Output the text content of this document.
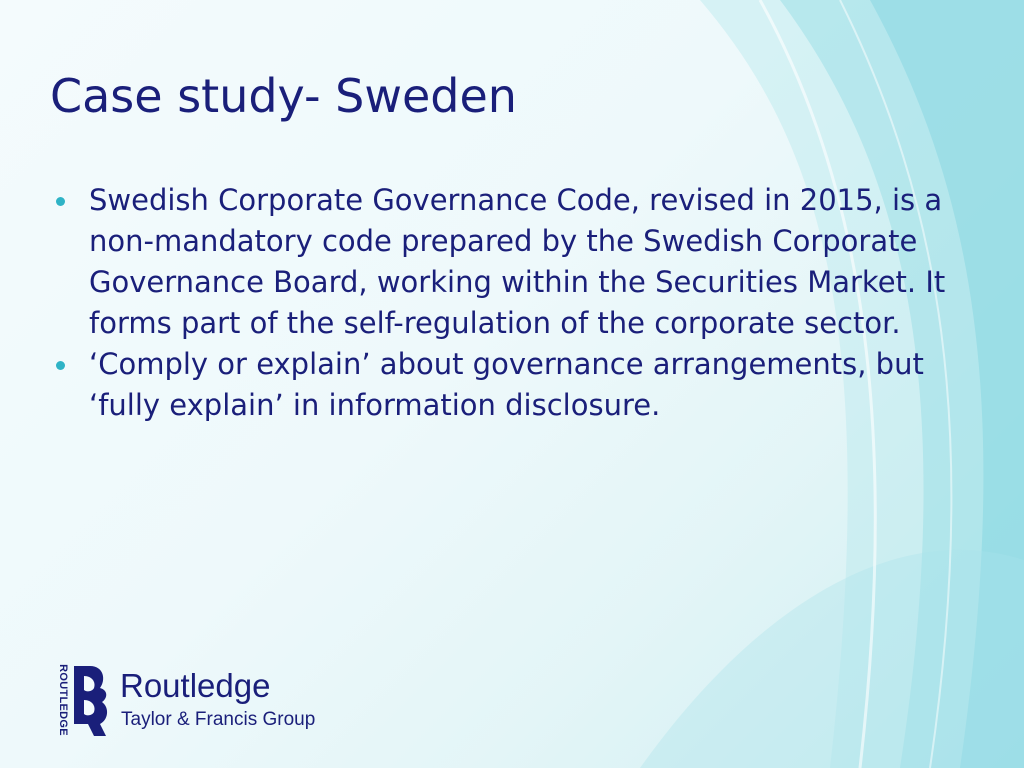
Case study- Sweden
Swedish Corporate Governance Code, revised in 2015, is a non-mandatory code prepared by the Swedish Corporate Governance Board, working within the Securities Market. It forms part of the self-regulation of the corporate sector.
‘Comply or explain’ about governance arrangements, but ‘fully explain’ in information disclosure.
ROUTLEDGE Routledge
Taylor & Francis Group
